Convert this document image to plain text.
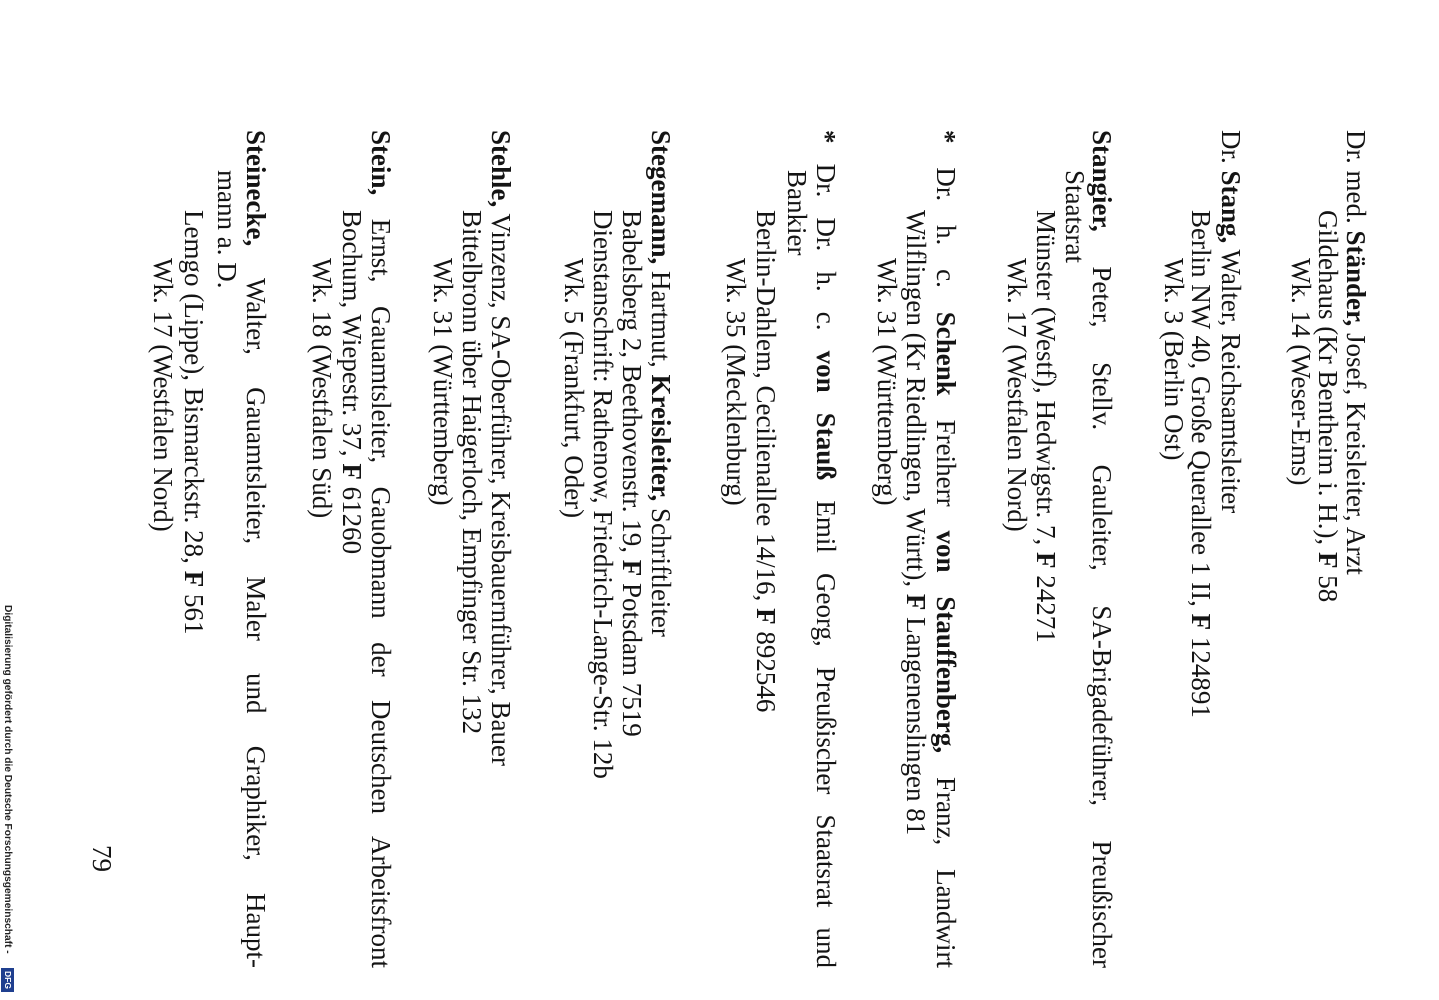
Dr. med. Ständer, Josef, Kreisleiter, Arzt
Gildehaus (Kr Bentheim i. H.), F 58
Wk. 14 (Weser-Ems)
Dr. Stang, Walter, Reichsamtsleiter
Berlin NW 40, Große Querallee 1 II, F 124891
Wk. 3 (Berlin Ost)
Stangier, Peter, Stellv. Gauleiter, SA-Brigadeführer, Preußischer
Staatsrat
Münster (Westf), Hedwigstr. 7, F 24271
Wk. 17 (Westfalen Nord)
* Dr. h. c. Schenk Freiherr von Stauffenberg, Franz, Landwirt
Wilflingen (Kr Riedlingen, Württ), F Langenenslingen 81
Wk. 31 (Württemberg)
* Dr. Dr. h. c. von Stauß Emil Georg, Preußischer Staatsrat und
Bankier
Berlin-Dahlem, Cecilienallee 14/16, F 892546
Wk. 35 (Mecklenburg)
Stegemann, Hartmut, Kreisleiter, Schriftleiter
Babelsberg 2, Beethovenstr. 19, F Potsdam 7519
Dienstanschrift: Rathenow, Friedrich-Lange-Str. 12b
Wk. 5 (Frankfurt, Oder)
Stehle, Vinzenz, SA-Oberführer, Kreisbauernführer, Bauer
Bittelbronn über Haigerloch, Empfinger Str. 132
Wk. 31 (Württemberg)
Stein, Ernst, Gauamtsleiter, Gauobmann der Deutschen Arbeitsfront
Bochum, Wiepestr. 37, F 61260
Wk. 18 (Westfalen Süd)
Steinecke, Walter, Gauamtsleiter, Maler und Graphiker, Haupt-
mann a. D.
Lemgo (Lippe), Bismarckstr. 28, F 561
Wk. 17 (Westfalen Nord)
79
Digitalisierung gefördert durch die Deutsche Forschungsgemeinschaft -
DFG
